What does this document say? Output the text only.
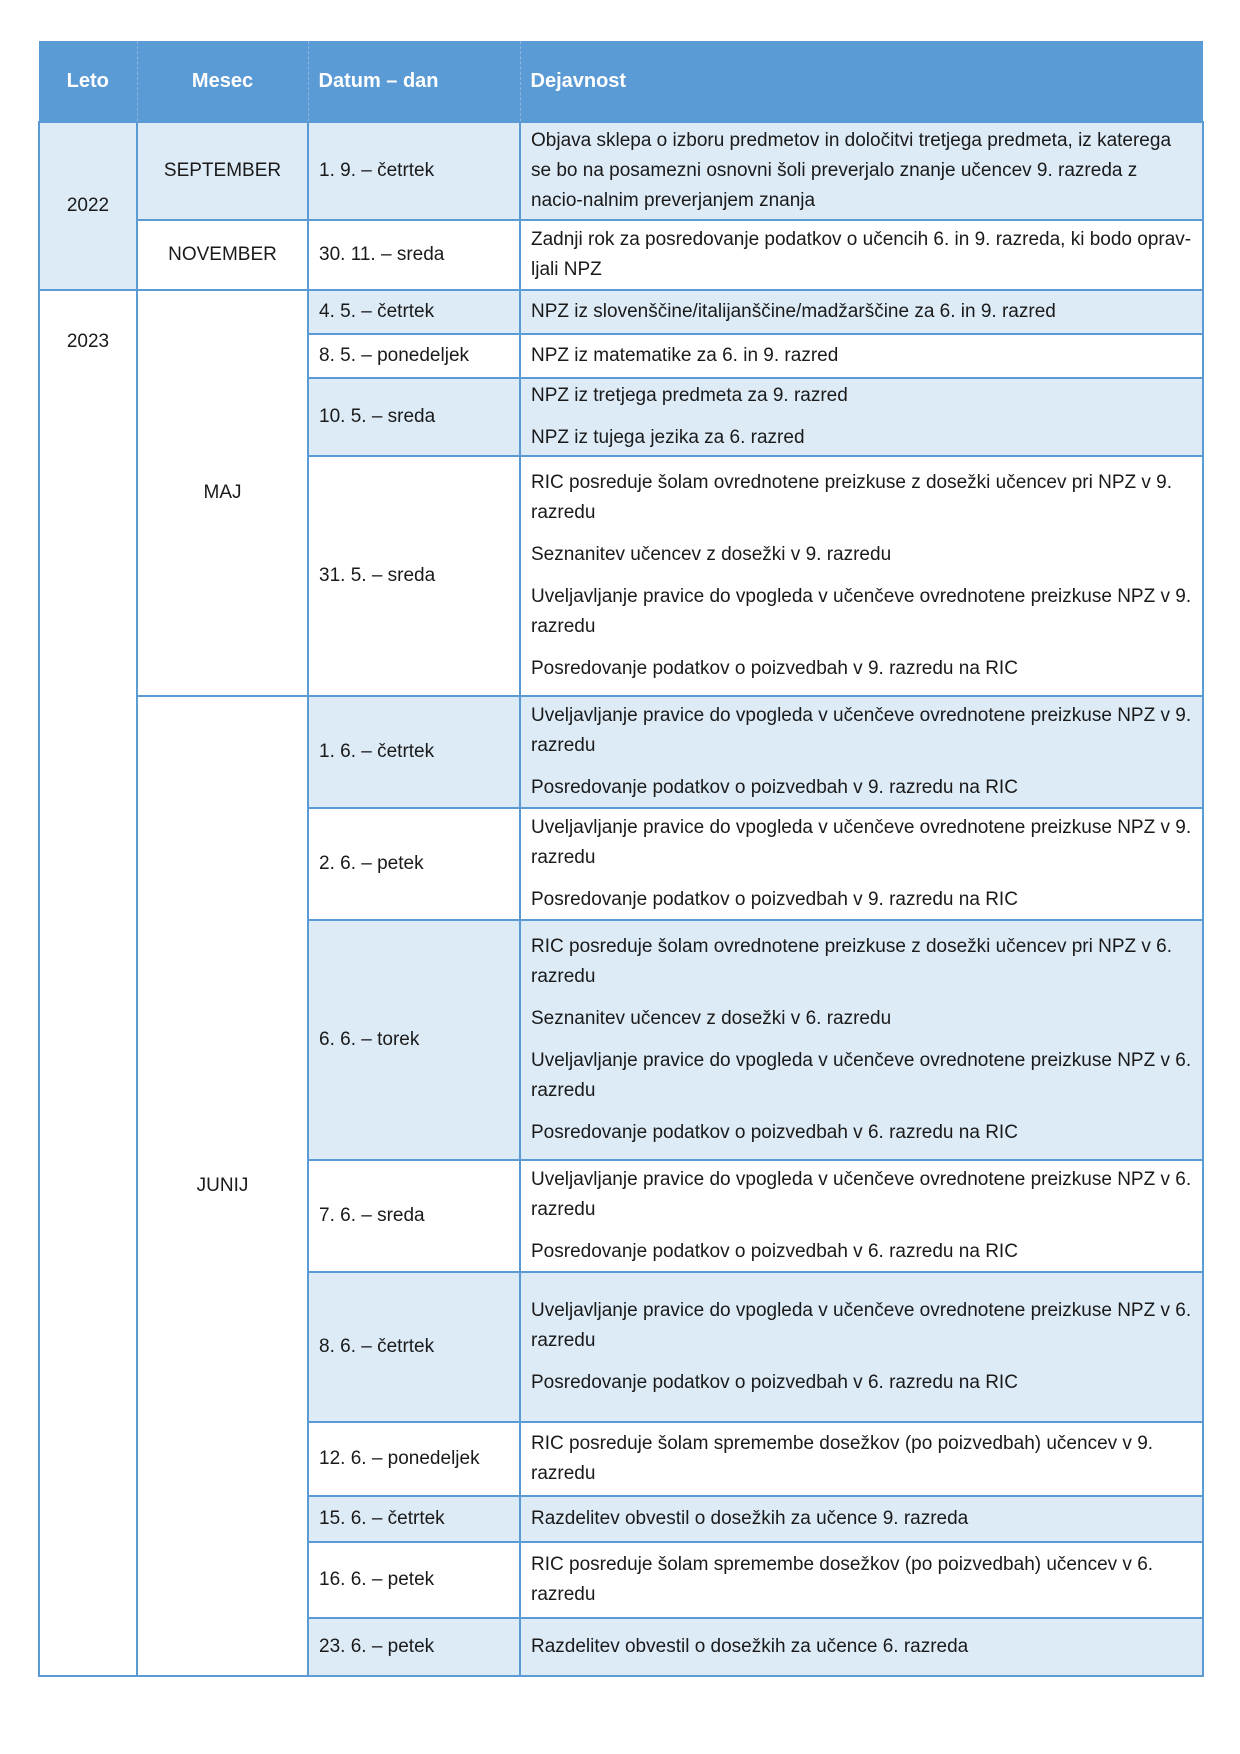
Leto	Mesec	Datum – dan	Dejavnost
2022	SEPTEMBER	1. 9. – četrtek	Objava sklepa o izboru predmetov in določitvi tretjega predmeta, iz katerega se bo na posamezni osnovni šoli preverjalo znanje učencev 9. razreda z nacio-nalnim preverjanjem znanja

	NOVEMBER	30. 11. – sreda	Zadnji rok za posredovanje podatkov o učencih 6. in 9. razreda, ki bodo oprav-ljali NPZ

2023	MAJ	4. 5. – četrtek	NPZ iz slovenščine/italijanščine/madžarščine za 6. in 9. razred

		8. 5. – ponedeljek	NPZ iz matematike za 6. in 9. razred

		10. 5. – sreda	NPZ iz tretjega predmeta za 9. razred
NPZ iz tujega jezika za 6. razred

		31. 5. – sreda	RIC posreduje šolam ovrednotene preizkuse z dosežki učencev pri NPZ v 9. razredu
Seznanitev učencev z dosežki v 9. razredu
Uveljavljanje pravice do vpogleda v učenčeve ovrednotene preizkuse NPZ v 9. razredu
Posredovanje podatkov o poizvedbah v 9. razredu na RIC

	JUNIJ	1. 6. – četrtek	Uveljavljanje pravice do vpogleda v učenčeve ovrednotene preizkuse NPZ v 9. razredu
Posredovanje podatkov o poizvedbah v 9. razredu na RIC

		2. 6. – petek	Uveljavljanje pravice do vpogleda v učenčeve ovrednotene preizkuse NPZ v 9. razredu
Posredovanje podatkov o poizvedbah v 9. razredu na RIC

		6. 6. – torek	RIC posreduje šolam ovrednotene preizkuse z dosežki učencev pri NPZ v 6. razredu
Seznanitev učencev z dosežki v 6. razredu
Uveljavljanje pravice do vpogleda v učenčeve ovrednotene preizkuse NPZ v 6. razredu
Posredovanje podatkov o poizvedbah v 6. razredu na RIC

		7. 6. – sreda	Uveljavljanje pravice do vpogleda v učenčeve ovrednotene preizkuse NPZ v 6. razredu
Posredovanje podatkov o poizvedbah v 6. razredu na RIC

		8. 6. – četrtek	Uveljavljanje pravice do vpogleda v učenčeve ovrednotene preizkuse NPZ v 6. razredu
Posredovanje podatkov o poizvedbah v 6. razredu na RIC

		12. 6. – ponedeljek	RIC posreduje šolam spremembe dosežkov (po poizvedbah) učencev v 9. razredu

		15. 6. – četrtek	Razdelitev obvestil o dosežkih za učence 9. razreda

		16. 6. – petek	RIC posreduje šolam spremembe dosežkov (po poizvedbah) učencev v 6. razredu

		23. 6. – petek	Razdelitev obvestil o dosežkih za učence 6. razreda
